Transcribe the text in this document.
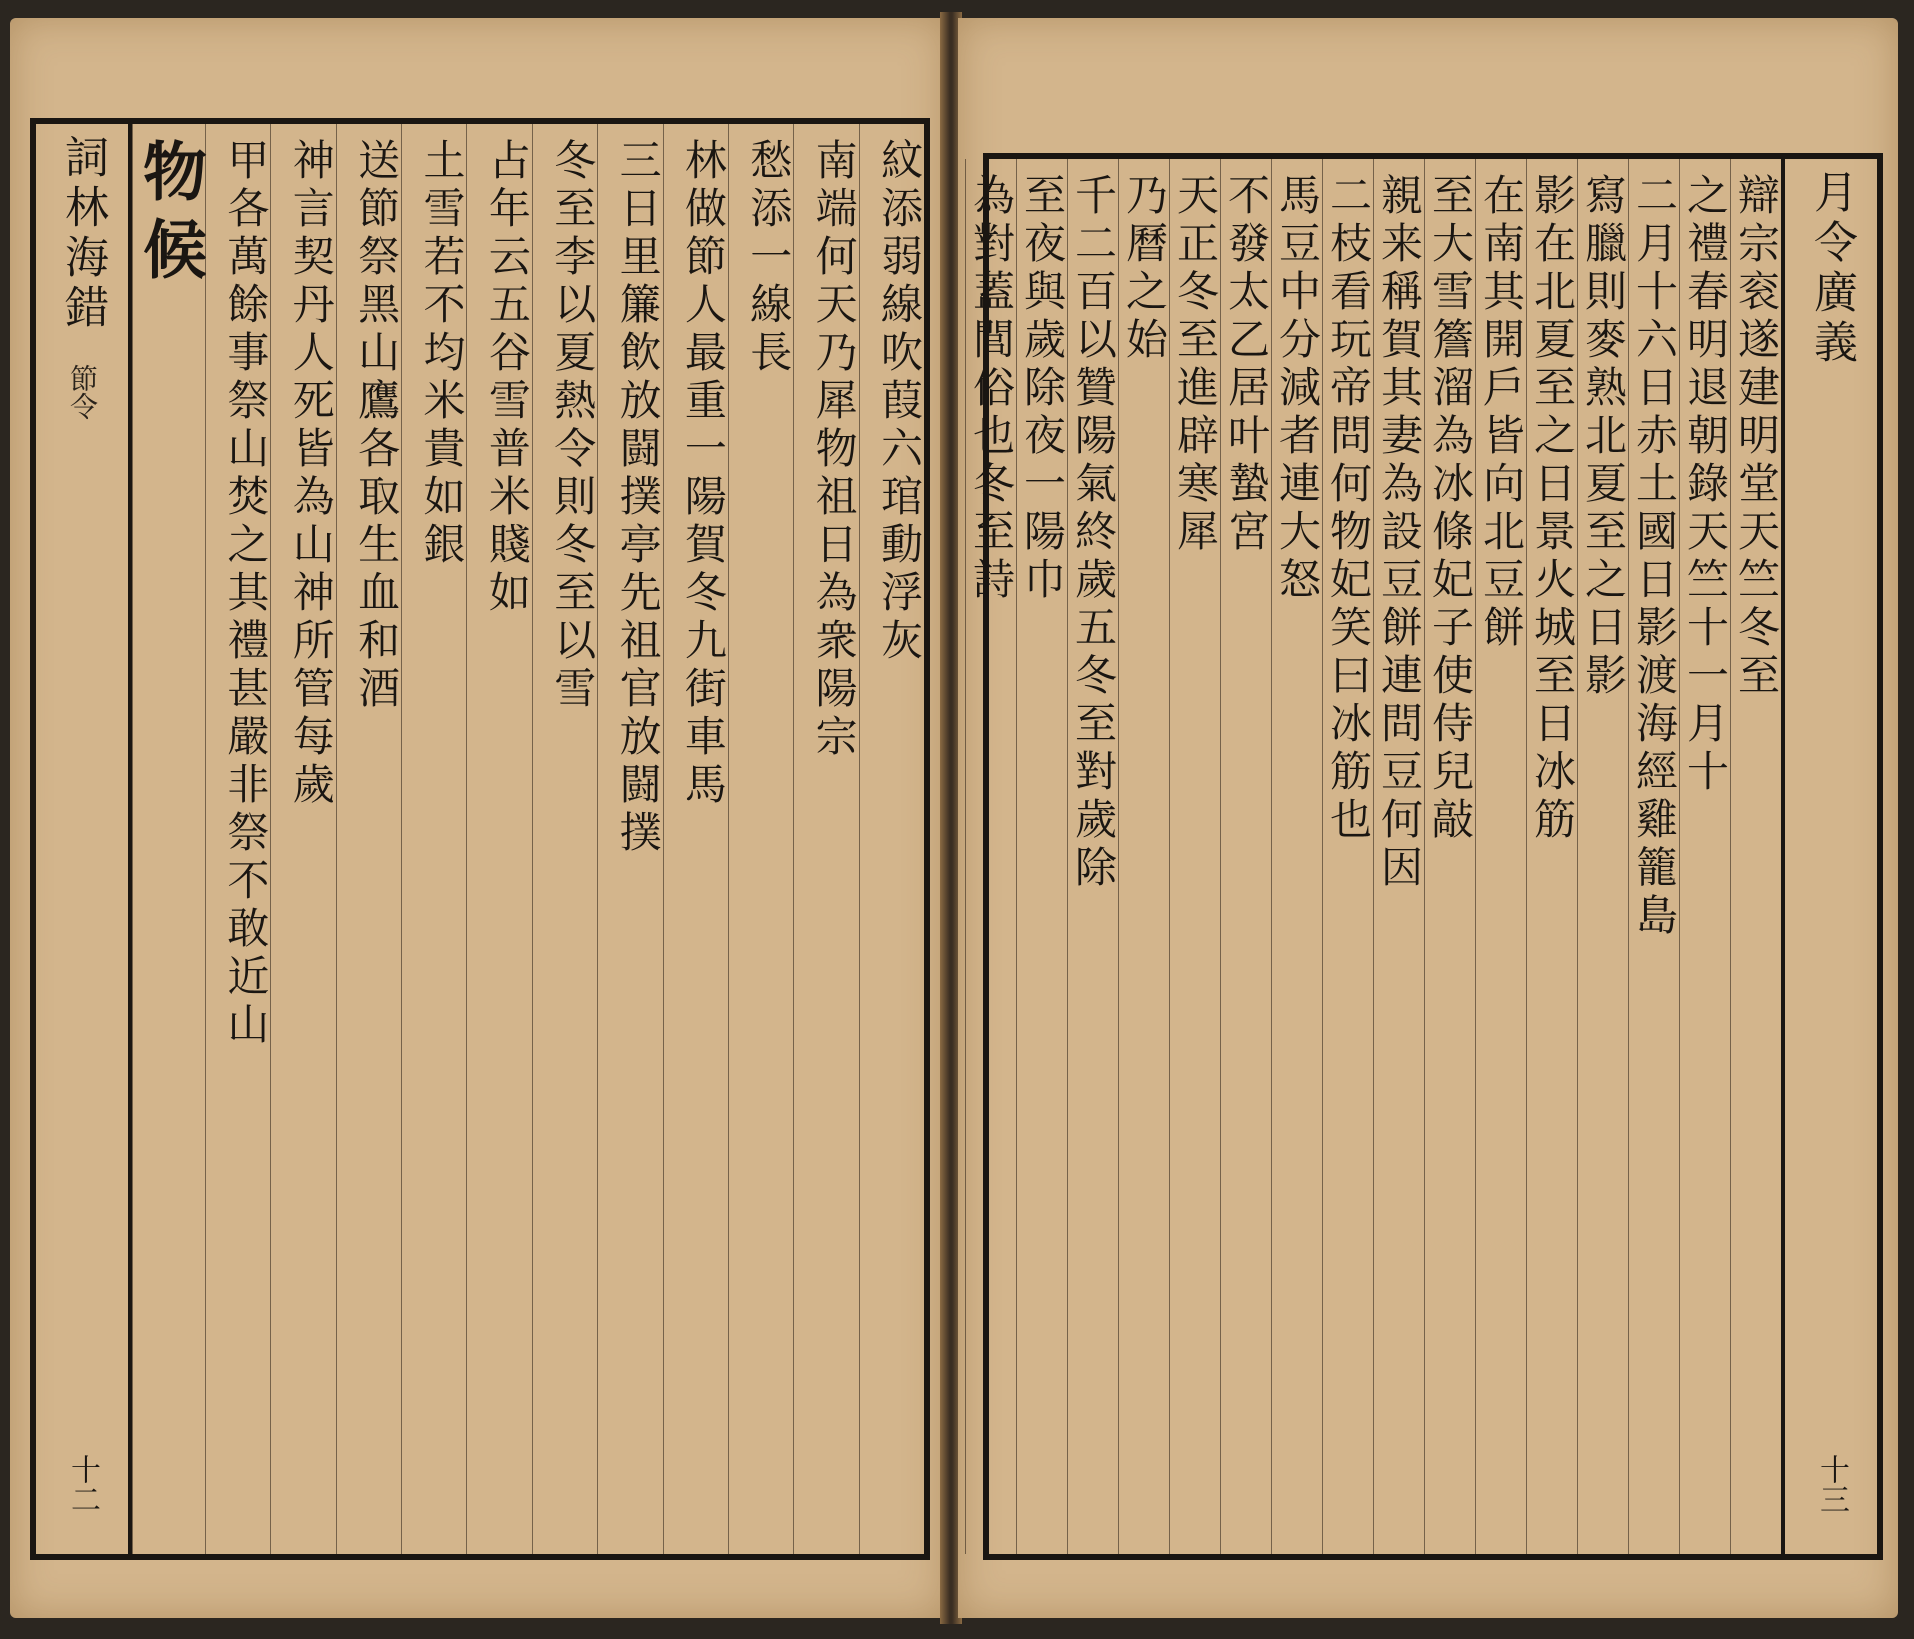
詞林海錯
節令
十二
紋添弱線吹葭六琯動浮灰
南端何天乃犀物祖日為衆陽宗
愁添一線長
林做節人最重一陽賀冬九街車馬
三日里簾飲放闘撲亭先祖官放闘撲
冬至李以夏熱令則冬至以雪
占年云五谷雪普米賤如
土雪若不均米貴如銀
送節祭黑山鷹各取生血和酒
神言契丹人死皆為山神所管每歲
甲各萬餘事祭山焚之其禮甚嚴非祭不敢近山
物候	辯宗衮遂建明堂天竺冬至
之禮春明退朝錄天竺十一月十
二月十六日赤土國日影渡海經雞籠島
寫臘則麥熟北夏至之日影
影在北夏至之日景火城至日冰筋
在南其開戶皆向北豆餅
至大雪簷溜為冰條妃子使侍兒敲
親来稱賀其妻為設豆餅連問豆何因
二枝看玩帝問何物妃笑曰冰筋也
馬豆中分減者連大怒
不發太乙居叶蟄宮
天正冬至進辟寒犀
乃曆之始
千二百以贊陽氣終歲五冬至對歲除
至夜與歲除夜一陽巾
為對蓋閭俗也冬至詩	月令廣義
十三
